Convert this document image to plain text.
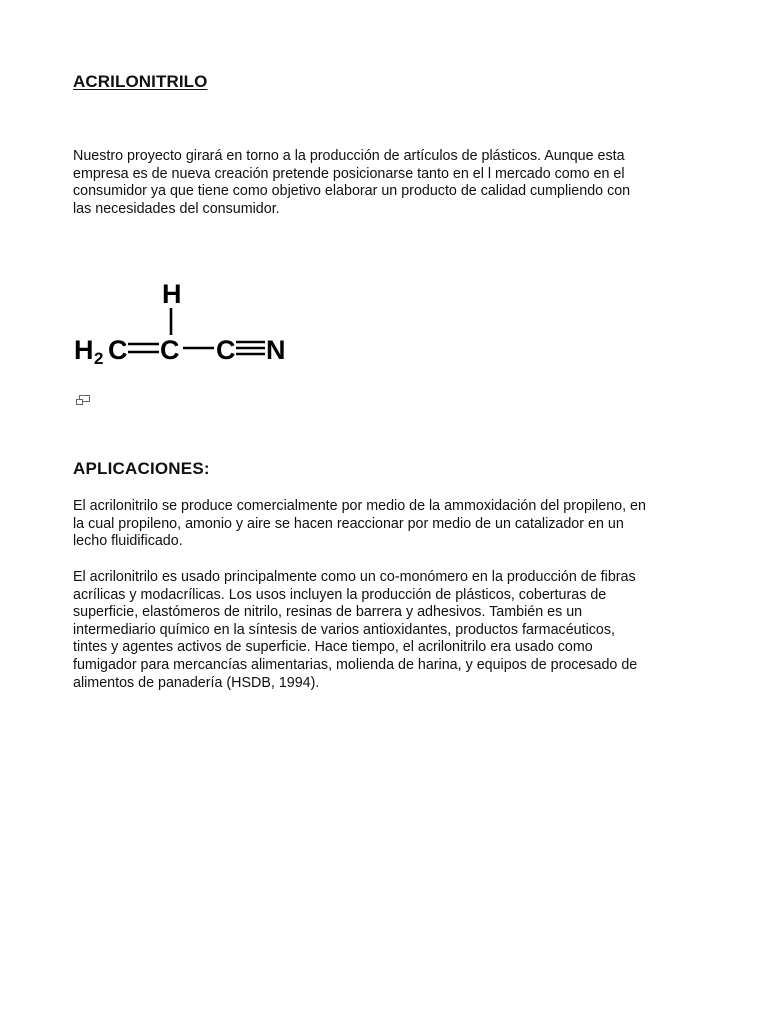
ACRILONITRILO
Nuestro proyecto girará en torno a la producción de artículos de plásticos. Aunque esta
empresa es de nueva creación pretende posicionarse tanto en el l mercado como en el
consumidor ya que tiene como objetivo elaborar un producto de calidad cumpliendo con
las necesidades del consumidor.
H
H 2 C C C N
APLICACIONES:
El acrilonitrilo se produce comercialmente por medio de la ammoxidación del propileno, en
la cual propileno, amonio y aire se hacen reaccionar por medio de un catalizador en un
lecho fluidificado.
El acrilonitrilo es usado principalmente como un co-monómero en la producción de fibras
acrílicas y modacrílicas. Los usos incluyen la producción de plásticos, coberturas de
superficie, elastómeros de nitrilo, resinas de barrera y adhesivos. También es un
intermediario químico en la síntesis de varios antioxidantes, productos farmacéuticos,
tintes y agentes activos de superficie. Hace tiempo, el acrilonitrilo era usado como
fumigador para mercancías alimentarias, molienda de harina, y equipos de procesado de
alimentos de panadería (HSDB, 1994).
